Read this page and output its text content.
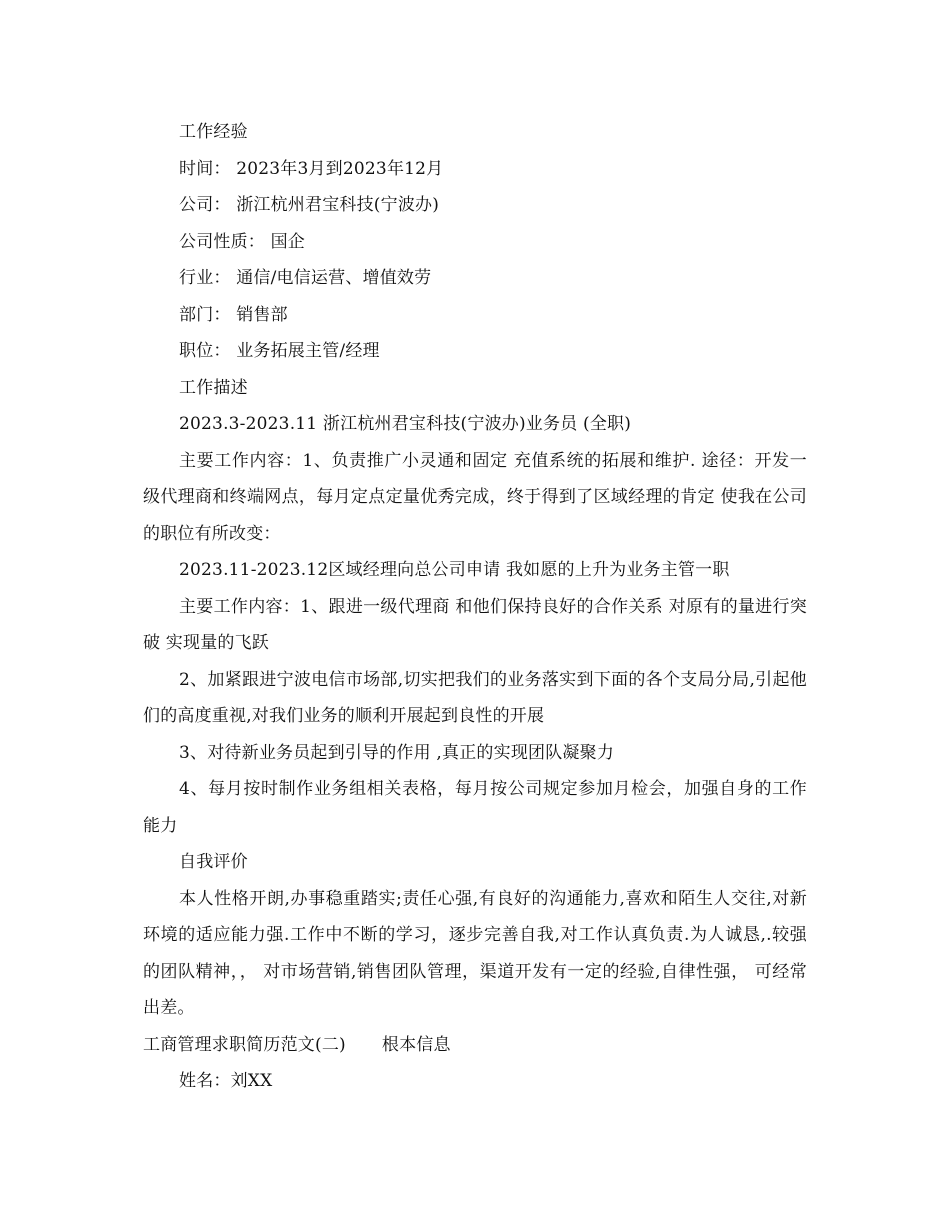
工作经验
时间： 2023年3月到2023年12月
公司： 浙江杭州君宝科技(宁波办)
公司性质： 国企
行业： 通信/电信运营、增值效劳
部门： 销售部
职位： 业务拓展主管/经理
工作描述
2023.3-2023.11 浙江杭州君宝科技(宁波办)业务员 (全职)
主要工作内容：1、负责推广小灵通和固定 充值系统的拓展和维护. 途径：开发一级代理商和终端网点，每月定点定量优秀完成，终于得到了区域经理的肯定 使我在公司的职位有所改变：
2023.11-2023.12区域经理向总公司申请 我如愿的上升为业务主管一职
主要工作内容：1、跟进一级代理商 和他们保持良好的合作关系 对原有的量进行突破 实现量的飞跃
2、加紧跟进宁波电信市场部,切实把我们的业务落实到下面的各个支局分局,引起他们的高度重视,对我们业务的顺利开展起到良性的开展
3、对待新业务员起到引导的作用 ,真正的实现团队凝聚力
4、每月按时制作业务组相关表格，每月按公司规定参加月检会，加强自身的工作能力
自我评价
本人性格开朗,办事稳重踏实;责任心强,有良好的沟通能力,喜欢和陌生人交往,对新环境的适应能力强.工作中不断的学习，逐步完善自我,对工作认真负责.为人诚恳,.较强的团队精神，， 对市场营销,销售团队管理，渠道开发有一定的经验,自律性强， 可经常出差。
工商管理求职简历范文(二) 根本信息
姓名：刘XX
